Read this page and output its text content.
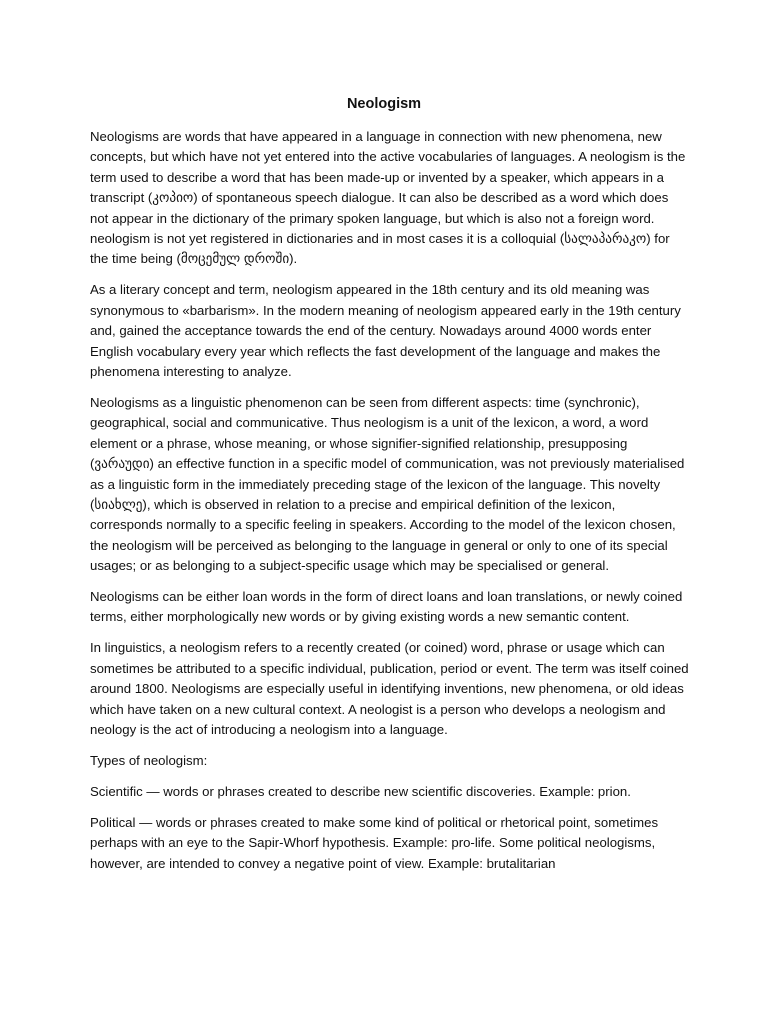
Neologism

Neologisms are words that have appeared in a language in connection with new phenomena, new concepts, but which have not yet entered into the active vocabularies of languages. A neologism is the term used to describe a word that has been made-up or invented by a speaker, which appears in a transcript (კოპიო) of spontaneous speech dialogue. It can also be described as a word which does not appear in the dictionary of the primary spoken language, but which is also not a foreign word. neologism is not yet registered in dictionaries and in most cases it is a colloquial (სალაპარაკო) for the time being (მოცემულ დროში).

As a literary concept and term, neologism appeared in the 18th century and its old meaning was synonymous to «barbarism». In the modern meaning of neologism appeared early in the 19th century and, gained the acceptance towards the end of the century. Nowadays around 4000 words enter English vocabulary every year which reflects the fast development of the language and makes the phenomena interesting to analyze.

Neologisms as a linguistic phenomenon can be seen from different aspects: time (synchronic), geographical, social and communicative. Thus neologism is a unit of the lexicon, a word, a word element or a phrase, whose meaning, or whose signifier-signified relationship, presupposing (ვარაუდი) an effective function in a specific model of communication, was not previously materialised as a linguistic form in the immediately preceding stage of the lexicon of the language. This novelty (სიახლე), which is observed in relation to a precise and empirical definition of the lexicon, corresponds normally to a specific feeling in speakers. According to the model of the lexicon chosen, the neologism will be perceived as belonging to the language in general or only to one of its special usages; or as belonging to a subject-specific usage which may be specialised or general.

Neologisms can be either loan words in the form of direct loans and loan translations, or newly coined terms, either morphologically new words or by giving existing words a new semantic content.

In linguistics, a neologism refers to a recently created (or coined) word, phrase or usage which can sometimes be attributed to a specific individual, publication, period or event. The term was itself coined around 1800. Neologisms are especially useful in identifying inventions, new phenomena, or old ideas which have taken on a new cultural context. A neologist is a person who develops a neologism and neology is the act of introducing a neologism into a language.

Types of neologism:

Scientific — words or phrases created to describe new scientific discoveries. Example: prion.

Political — words or phrases created to make some kind of political or rhetorical point, sometimes perhaps with an eye to the Sapir-Whorf hypothesis. Example: pro-life. Some political neologisms, however, are intended to convey a negative point of view. Example: brutalitarian
